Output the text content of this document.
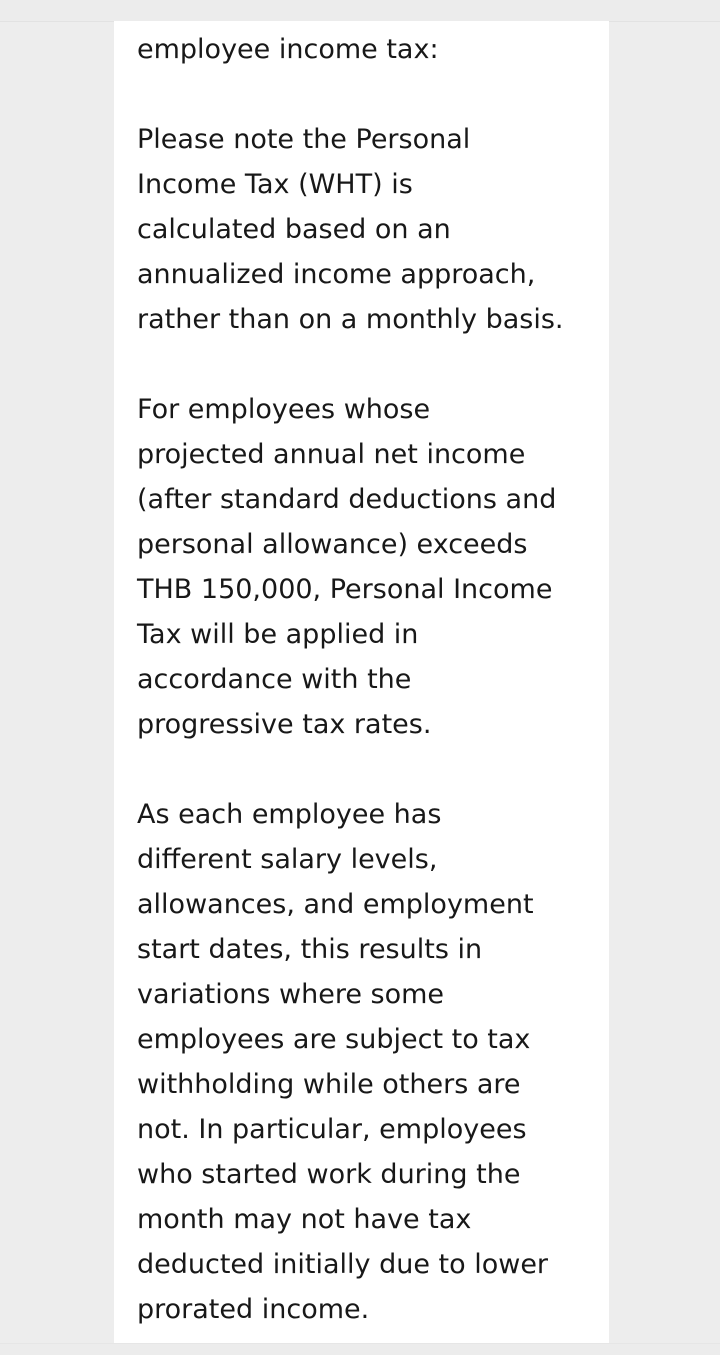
employee income tax:

Please note the Personal
Income Tax (WHT) is
calculated based on an
annualized income approach,
rather than on a monthly basis.

For employees whose
projected annual net income
(after standard deductions and
personal allowance) exceeds
THB 150,000, Personal Income
Tax will be applied in
accordance with the
progressive tax rates.

As each employee has
different salary levels,
allowances, and employment
start dates, this results in
variations where some
employees are subject to tax
withholding while others are
not. In particular, employees
who started work during the
month may not have tax
deducted initially due to lower
prorated income.
